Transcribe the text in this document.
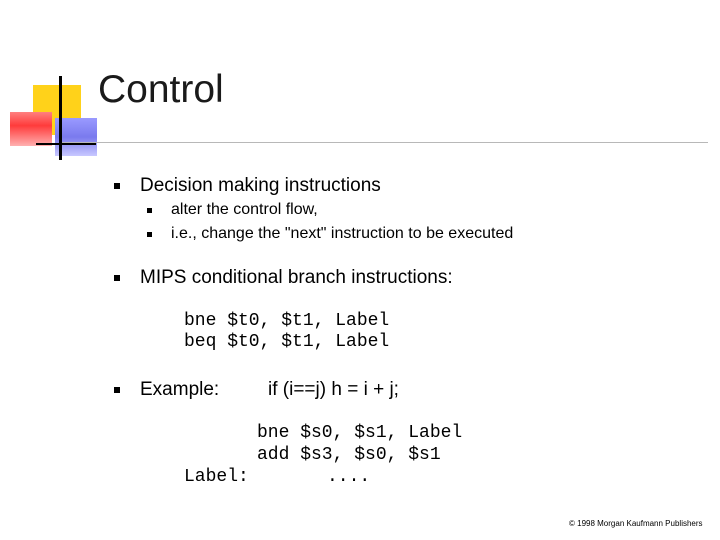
Control
Decision making instructions
alter the control flow,
i.e., change the "next" instruction to be executed
MIPS conditional branch instructions:
bne $t0, $t1, Label
beq $t0, $t1, Label
Example:	if (i==j) h = i + j;
bne $s0, $s1, Label
add $s3, $s0, $s1
Label:	....
© 1998 Morgan Kaufmann Publishers
